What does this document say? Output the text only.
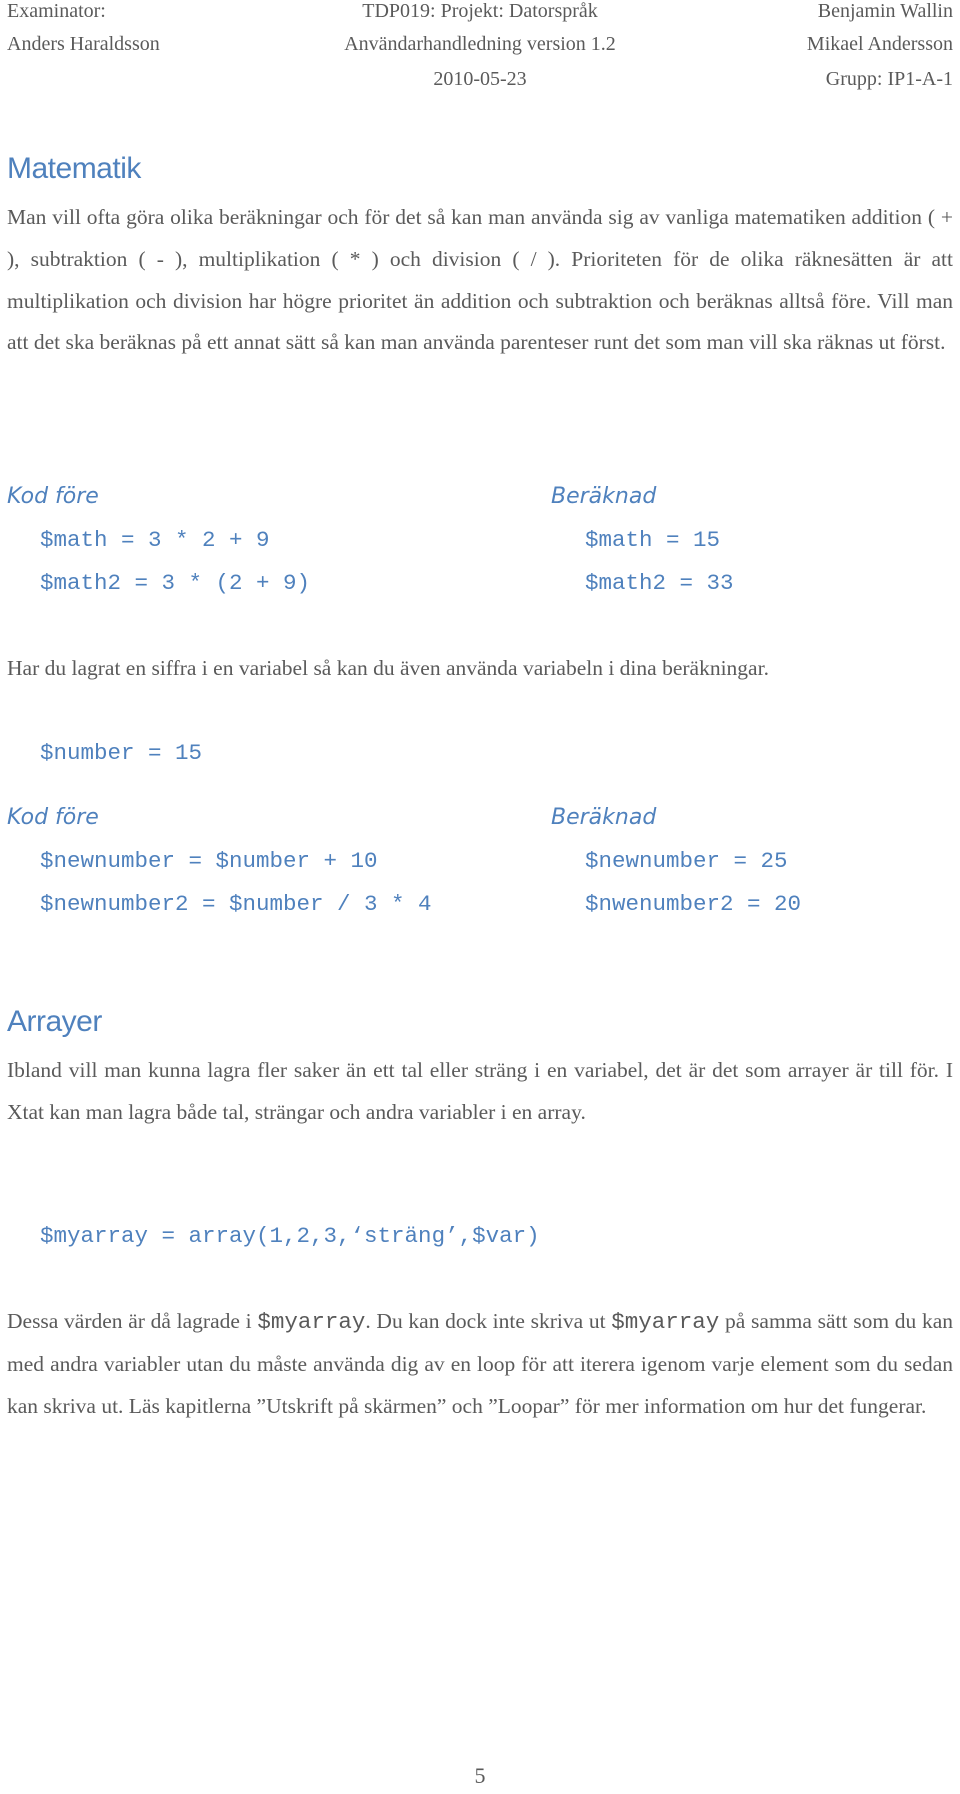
Examinator:	TDP019: Projekt: Datorspråk	Benjamin Wallin
Anders Haraldsson	Användarhandledning version 1.2	Mikael Andersson
2010-05-23	Grupp: IP1-A-1
Matematik

Man vill ofta göra olika beräkningar och för det så kan man använda sig av vanliga matematiken addition ( + ), subtraktion ( - ), multiplikation ( * ) och division ( / ). Prioriteten för de olika räknesätten är att multiplikation och division har högre prioritet än addition och subtraktion och beräknas alltså före. Vill man att det ska beräknas på ett annat sätt så kan man använda parenteser runt det som man vill ska räknas ut först.

Kod före	Beräknad
$math = 3 * 2 + 9	$math = 15
$math2 = 3 * (2 + 9)	$math2 = 33

Har du lagrat en siffra i en variabel så kan du även använda variabeln i dina beräkningar.

$number = 15
Kod före	Beräknad
$newnumber = $number + 10	$newnumber = 25
$newnumber2 = $number / 3 * 4	$nwenumber2 = 20
Arrayer

Ibland vill man kunna lagra fler saker än ett tal eller sträng i en variabel, det är det som arrayer är till för. I Xtat kan man lagra både tal, strängar och andra variabler i en array.

$myarray = array(1,2,3,‘sträng’,$var)

Dessa värden är då lagrade i $myarray. Du kan dock inte skriva ut $myarray på samma sätt som du kan med andra variabler utan du måste använda dig av en loop för att iterera igenom varje element som du sedan kan skriva ut. Läs kapitlerna ”Utskrift på skärmen” och ”Loopar” för mer information om hur det fungerar.

5
